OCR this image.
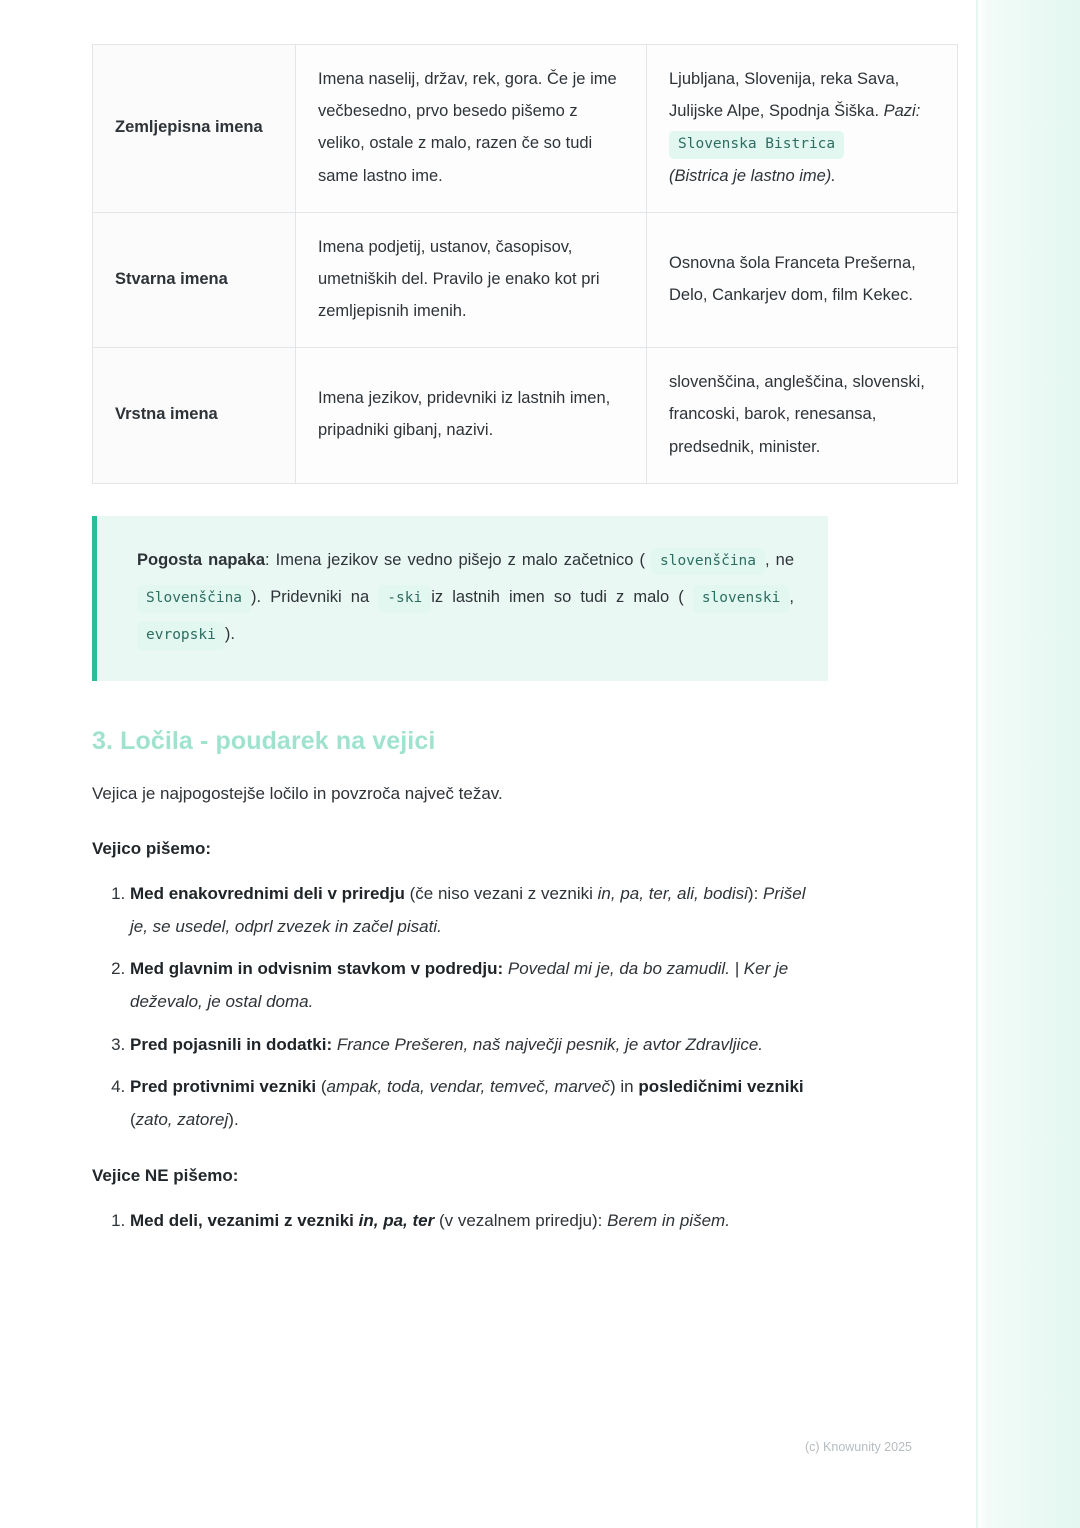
Zemljepisna imena	Imena naselij, držav, rek, gora. Če je ime večbesedno, prvo besedo pišemo z veliko, ostale z malo, razen če so tudi same lastno ime.	Ljubljana, Slovenija, reka Sava, Julijske Alpe, Spodnja Šiška. Pazi:
Slovenska Bistrica
(Bistrica je lastno ime).
Stvarna imena	Imena podjetij, ustanov, časopisov, umetniških del. Pravilo je enako kot pri zemljepisnih imenih.	Osnovna šola Franceta Prešerna, Delo, Cankarjev dom, film Kekec.
Vrstna imena	Imena jezikov, pridevniki iz lastnih imen, pripadniki gibanj, nazivi.	slovenščina, angleščina, slovenski, francoski, barok, renesansa, predsednik, minister.
Pogosta napaka: Imena jezikov se vedno pišejo z malo začetnico ( slovenščina , ne Slovenščina ). Pridevniki na -ski iz lastnih imen so tudi z malo ( slovenski , evropski ).
3. Ločila - poudarek na vejici

Vejica je najpogostejše ločilo in povzroča največ težav.

Vejico pišemo:

1. Med enakovrednimi deli v priredju (če niso vezani z vezniki in, pa, ter, ali, bodisi): Prišel je, se usedel, odprl zvezek in začel pisati.
2. Med glavnim in odvisnim stavkom v podredju: Povedal mi je, da bo zamudil. | Ker je deževalo, je ostal doma.
3. Pred pojasnili in dodatki: France Prešeren, naš največji pesnik, je avtor Zdravljice.
4. Pred protivnimi vezniki (ampak, toda, vendar, temveč, marveč) in posledičnimi vezniki (zato, zatorej).

Vejice NE pišemo:

1. Med deli, vezanimi z vezniki in, pa, ter (v vezalnem priredju): Berem in pišem.
(c) Knowunity 2025
